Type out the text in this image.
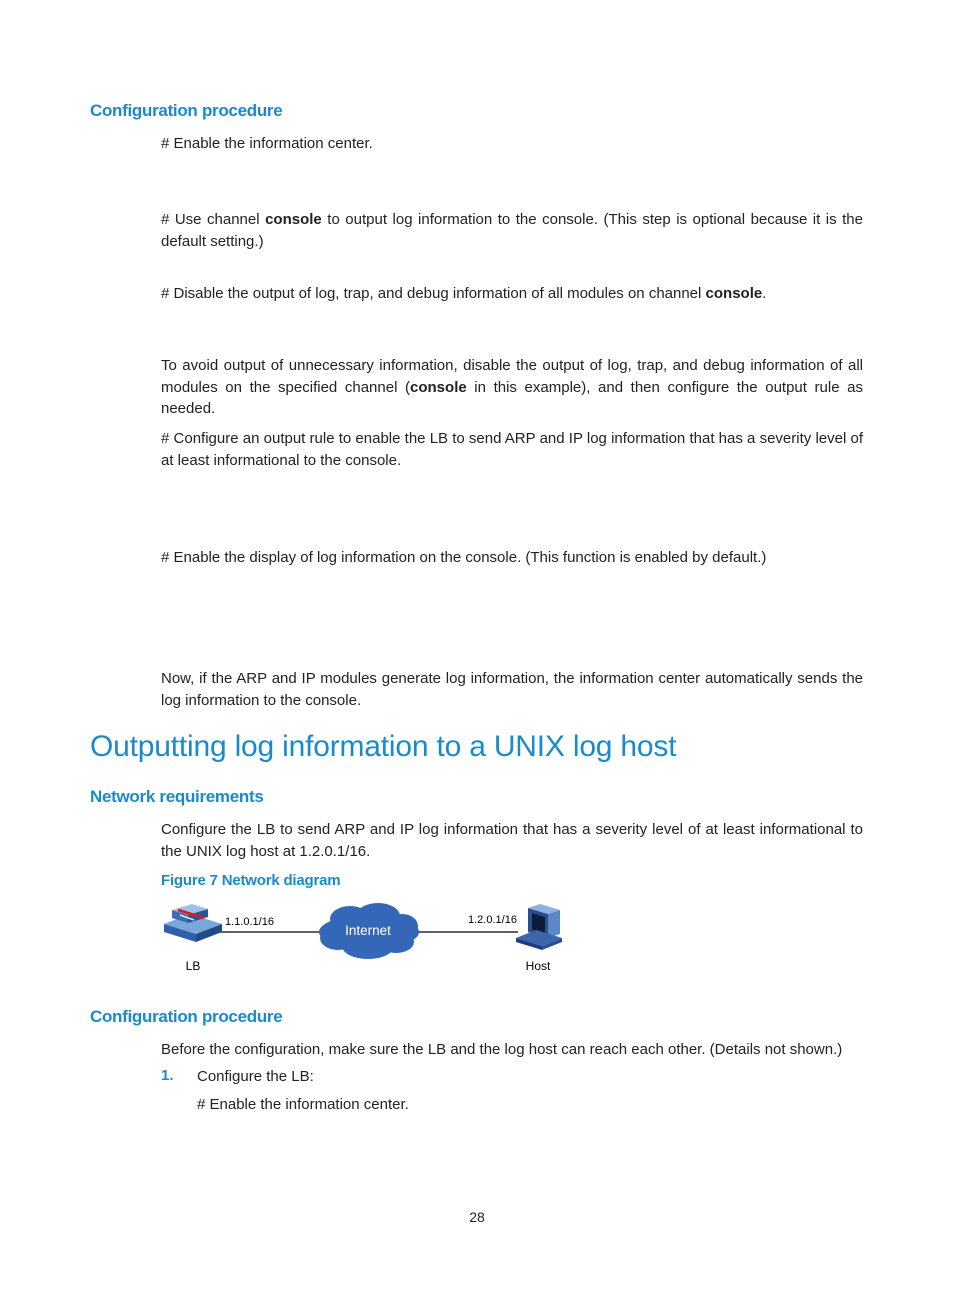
Configuration procedure
# Enable the information center.
# Use channel console to output log information to the console. (This step is optional because it is the default setting.)
# Disable the output of log, trap, and debug information of all modules on channel console.
To avoid output of unnecessary information, disable the output of log, trap, and debug information of all modules on the specified channel (console in this example), and then configure the output rule as needed.
# Configure an output rule to enable the LB to send ARP and IP log information that has a severity level of at least informational to the console.
# Enable the display of log information on the console. (This function is enabled by default.)
Now, if the ARP and IP modules generate log information, the information center automatically sends the log information to the console.
Outputting log information to a UNIX log host
Network requirements
Configure the LB to send ARP and IP log information that has a severity level of at least informational to the UNIX log host at 1.2.0.1/16.
Figure 7 Network diagram
Internet
1.1.0.1/16	1.2.0.1/16
LB	Host
Configuration procedure
Before the configuration, make sure the LB and the log host can reach each other. (Details not shown.)
1. Configure the LB:
# Enable the information center.
28
